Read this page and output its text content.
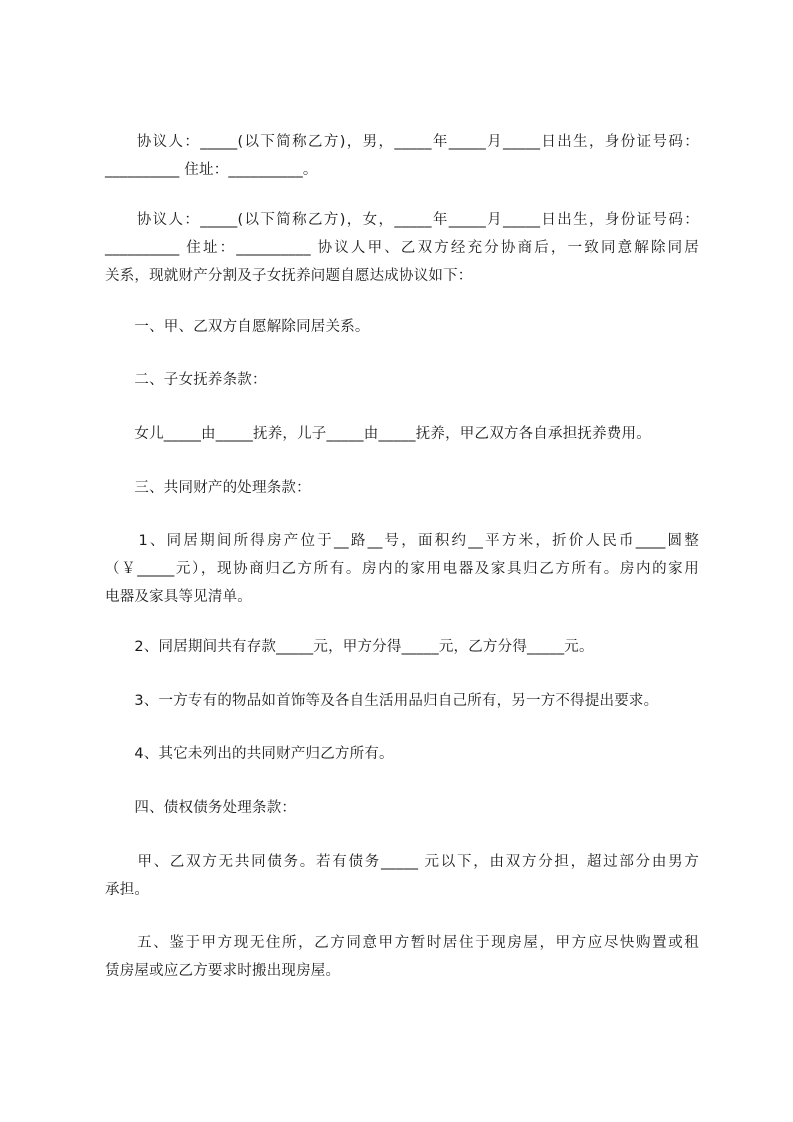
　　协议人：_____(以下简称乙方)，男，_____年_____月_____日出生，身份证号码：
__________ 住址：__________。
　　协议人：_____(以下简称乙方)，女，_____年_____月_____日出生，身份证号码：
__________ 住址：__________ 协议人甲、乙双方经充分协商后，一致同意解除同居
关系，现就财产分割及子女抚养问题自愿达成协议如下：
　　一、甲、乙双方自愿解除同居关系。
　　二、子女抚养条款：
　　女儿_____由_____抚养，儿子_____由_____抚养，甲乙双方各自承担抚养费用。
　　三、共同财产的处理条款：
　　1、同居期间所得房产位于__路__号，面积约__平方米，折价人民币____圆整
（￥_____元），现协商归乙方所有。房内的家用电器及家具归乙方所有。房内的家用
电器及家具等见清单。
　　2、同居期间共有存款_____元，甲方分得_____元，乙方分得_____元。
　　3、一方专有的物品如首饰等及各自生活用品归自己所有，另一方不得提出要求。
　　4、其它未列出的共同财产归乙方所有。
　　四、债权债务处理条款：
　　甲、乙双方无共同债务。若有债务_____ 元以下，由双方分担，超过部分由男方
承担。
　　五、鉴于甲方现无住所，乙方同意甲方暂时居住于现房屋，甲方应尽快购置或租
赁房屋或应乙方要求时搬出现房屋。
